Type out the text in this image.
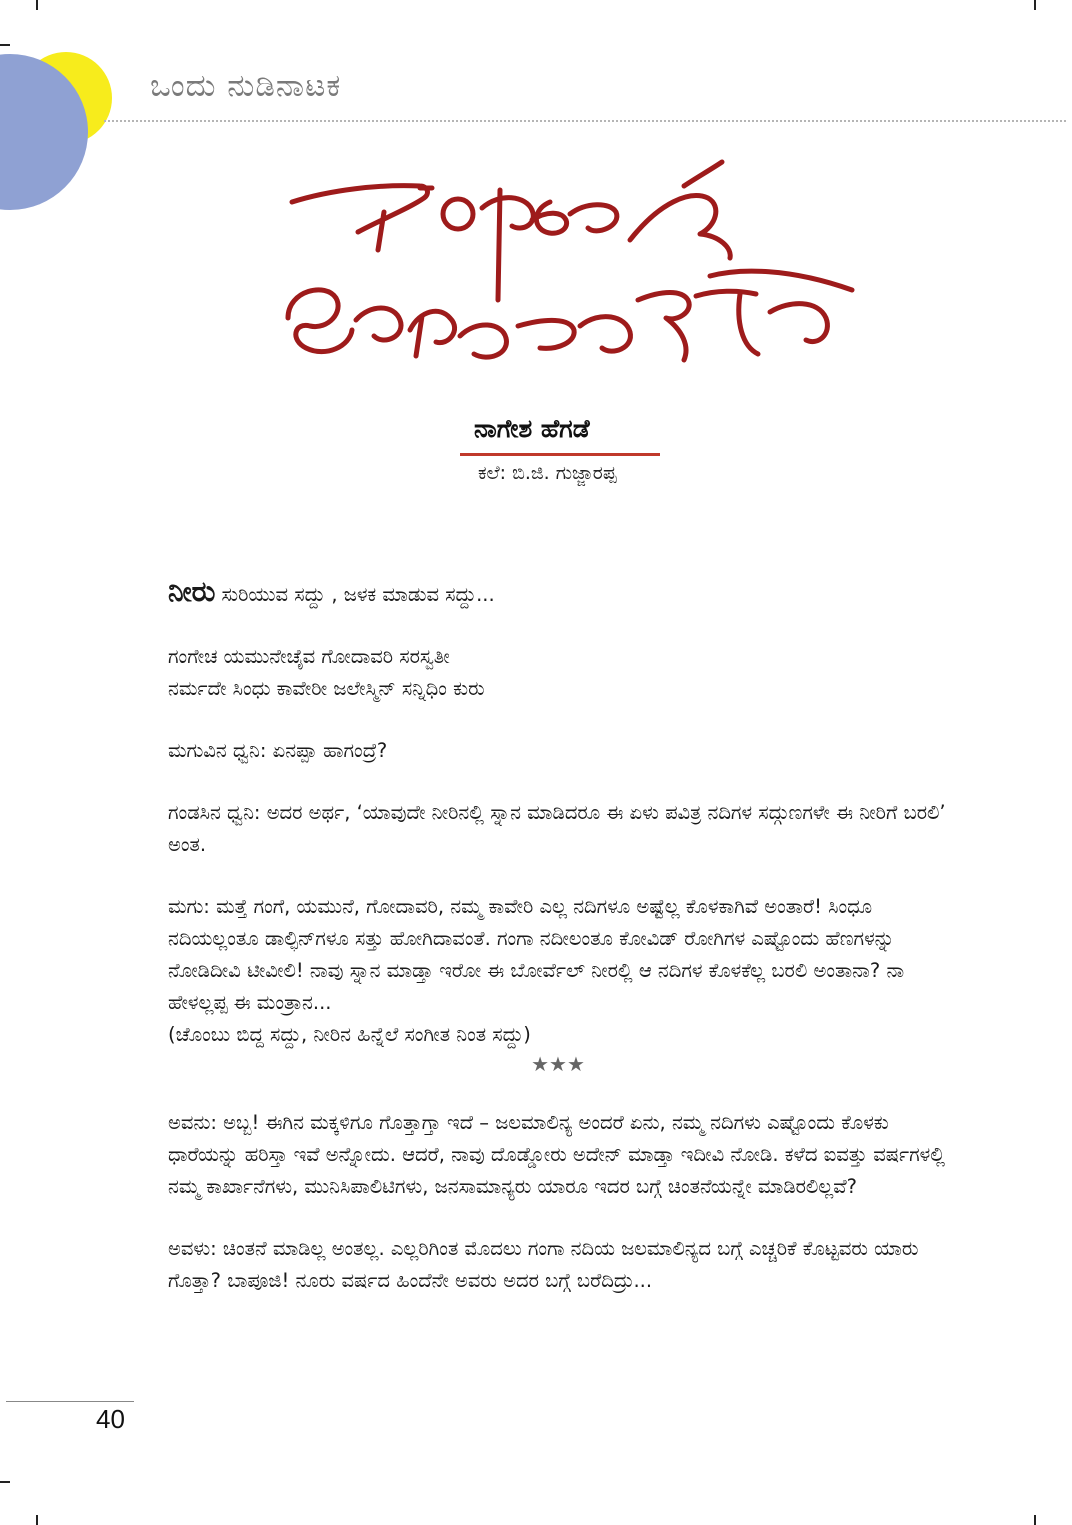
ಒಂದು ನುಡಿನಾಟಕ
ನಾಗೇಶ ಹೆಗಡೆ
ಕಲೆ: ಬಿ.ಜಿ. ಗುಜ್ಜಾರಪ್ಪ

ನೀರು ಸುರಿಯುವ ಸದ್ದು , ಜಳಕ ಮಾಡುವ ಸದ್ದು...

ಗಂಗೇಚ ಯಮುನೇಚೈವ ಗೋದಾವರಿ ಸರಸ್ವತೀ
ನರ್ಮದೇ ಸಿಂಧು ಕಾವೇರೀ ಜಲೇಸ್ಮಿನ್ ಸನ್ನಿಧಿಂ ಕುರು

ಮಗುವಿನ ಧ್ವನಿ: ಏನಪ್ಪಾ ಹಾಗಂದ್ರೆ?

ಗಂಡಸಿನ ಧ್ವನಿ: ಅದರ ಅರ್ಥ, ‘ಯಾವುದೇ ನೀರಿನಲ್ಲಿ ಸ್ನಾನ ಮಾಡಿದರೂ ಈ ಏಳು ಪವಿತ್ರ ನದಿಗಳ ಸದ್ಗುಣಗಳೇ ಈ ನೀರಿಗೆ ಬರಲಿ’ ಅಂತ.

ಮಗು: ಮತ್ತೆ ಗಂಗೆ, ಯಮುನೆ, ಗೋದಾವರಿ, ನಮ್ಮ ಕಾವೇರಿ ಎಲ್ಲ ನದಿಗಳೂ ಅಷ್ಟೆಲ್ಲ ಕೊಳಕಾಗಿವೆ ಅಂತಾರೆ! ಸಿಂಧೂ ನದಿಯಲ್ಲಂತೂ ಡಾಲ್ಫಿನ್‌ಗಳೂ ಸತ್ತು ಹೋಗಿದಾವಂತೆ. ಗಂಗಾ ನದೀಲಂತೂ ಕೋವಿಡ್ ರೋಗಿಗಳ ಎಷ್ಟೊಂದು ಹೆಣಗಳನ್ನು ನೋಡಿದೀವಿ ಟೀವೀಲಿ! ನಾವು ಸ್ನಾನ ಮಾಡ್ತಾ ಇರೋ ಈ ಬೋರ್ವೆಲ್ ನೀರಲ್ಲಿ ಆ ನದಿಗಳ ಕೊಳಕೆಲ್ಲ ಬರಲಿ ಅಂತಾನಾ? ನಾ ಹೇಳಲ್ಲಪ್ಪ ಈ ಮಂತ್ರಾನ...

(ಚೊಂಬು ಬಿದ್ದ ಸದ್ದು, ನೀರಿನ ಹಿನ್ನೆಲೆ ಸಂಗೀತ ನಿಂತ ಸದ್ದು)

★★★

ಅವನು: ಅಬ್ಬ! ಈಗಿನ ಮಕ್ಕಳಿಗೂ ಗೊತ್ತಾಗ್ತಾ ಇದೆ – ಜಲಮಾಲಿನ್ಯ ಅಂದರೆ ಏನು, ನಮ್ಮ ನದಿಗಳು ಎಷ್ಟೊಂದು ಕೊಳಕು ಧಾರೆಯನ್ನು ಹರಿಸ್ತಾ ಇವೆ ಅನ್ನೋದು. ಆದರೆ, ನಾವು ದೊಡ್ಡೋರು ಅದೇನ್ ಮಾಡ್ತಾ ಇದೀವಿ ನೋಡಿ. ಕಳೆದ ಐವತ್ತು ವರ್ಷಗಳಲ್ಲಿ ನಮ್ಮ ಕಾರ್ಖಾನೆಗಳು, ಮುನಿಸಿಪಾಲಿಟಿಗಳು, ಜನಸಾಮಾನ್ಯರು ಯಾರೂ ಇದರ ಬಗ್ಗೆ ಚಿಂತನೆಯನ್ನೇ ಮಾಡಿರಲಿಲ್ಲವೆ?

ಅವಳು: ಚಿಂತನೆ ಮಾಡಿಲ್ಲ ಅಂತಲ್ಲ. ಎಲ್ಲರಿಗಿಂತ ಮೊದಲು ಗಂಗಾ ನದಿಯ ಜಲಮಾಲಿನ್ಯದ ಬಗ್ಗೆ ಎಚ್ಚರಿಕೆ ಕೊಟ್ಟವರು ಯಾರು ಗೊತ್ತಾ? ಬಾಪೂಜಿ! ನೂರು ವರ್ಷದ ಹಿಂದೆನೇ ಅವರು ಅದರ ಬಗ್ಗೆ ಬರೆದಿದ್ರು...

40
